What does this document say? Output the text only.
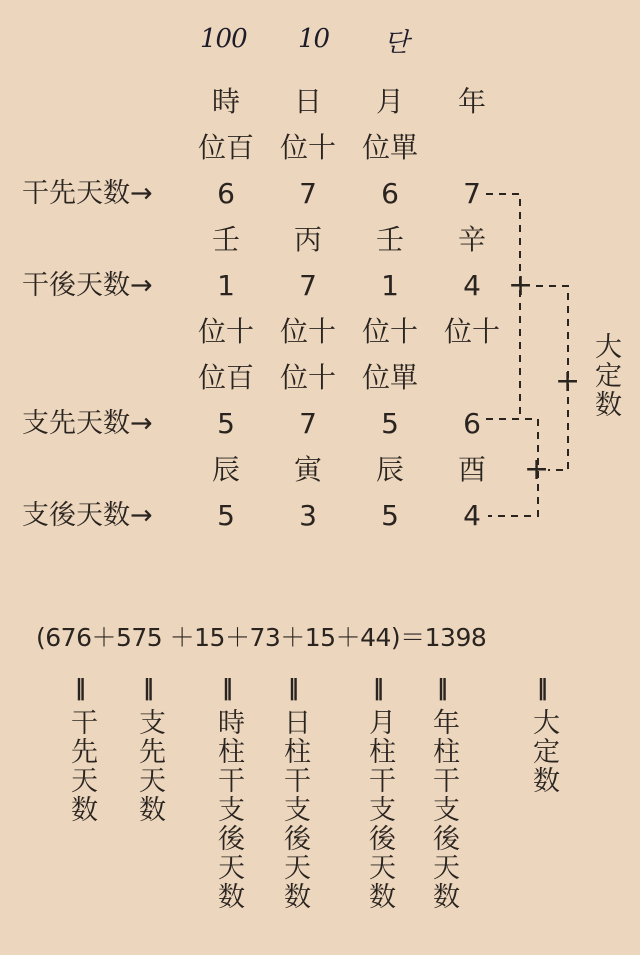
100 10 단
時	日	月	年
位百 位十 位單
干先天数→	6	7	6	7
壬	丙	壬	辛
干後天数→	1	7	1	4 +
位十 位十 位十 位十
位百 位十 位單
支先天数→	5	7	5	6
辰	寅	辰	酉	+
支後天数→	5	3	5	4
+ 大定数
(676＋575 ＋15＋73＋15＋44)＝1398
‖
干先天数
‖
支先天数
‖
時柱干支後天数
‖
日柱干支後天数
‖
月柱干支後天数
‖
年柱干支後天数
‖
大定数
